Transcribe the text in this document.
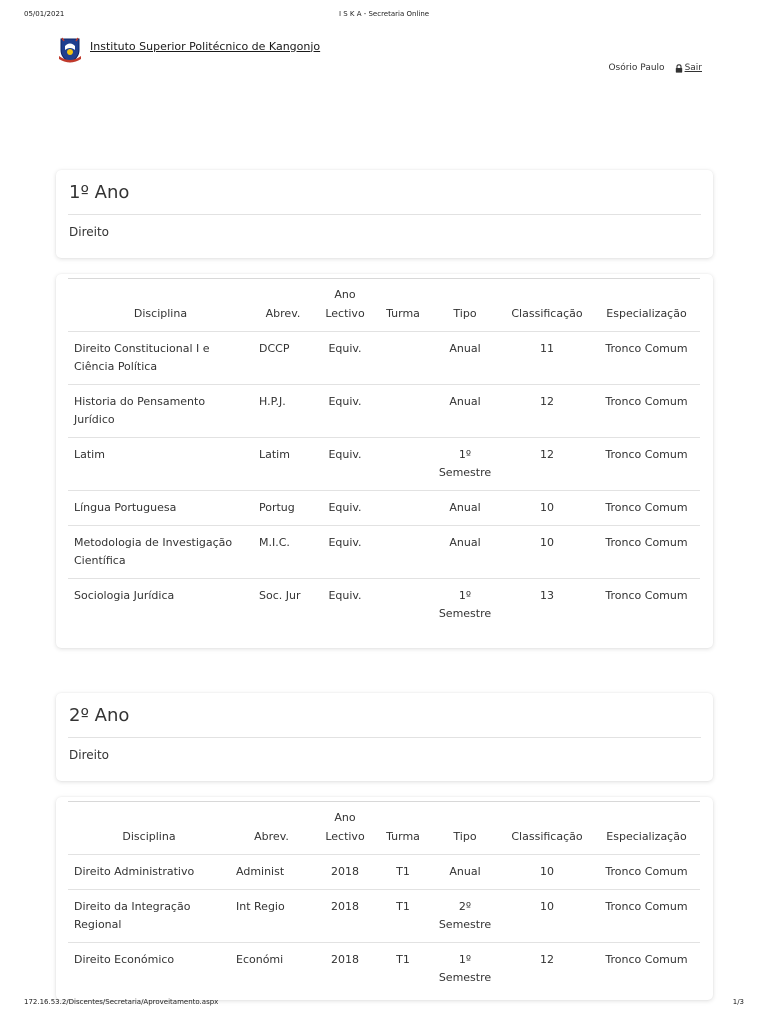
05/01/2021	I S K A - Secretaria Online
Instituto Superior Politécnico de Kangonjo
Osório Paulo Sair
1º Ano
Direito
Disciplina	Abrev.	Ano Lectivo	Turma	Tipo	Classificação	Especialização
Direito Constitucional I e Ciência Política	DCCP	Equiv.		Anual	11	Tronco Comum
Historia do Pensamento Jurídico	H.P.J.	Equiv.		Anual	12	Tronco Comum
Latim	Latim	Equiv.		1º Semestre	12	Tronco Comum
Língua Portuguesa	Portug	Equiv.		Anual	10	Tronco Comum
Metodologia de Investigação Científica	M.I.C.	Equiv.		Anual	10	Tronco Comum
Sociologia Jurídica	Soc. Jur	Equiv.		1º Semestre	13	Tronco Comum
2º Ano
Direito
Disciplina	Abrev.	Ano Lectivo	Turma	Tipo	Classificação	Especialização
Direito Administrativo	Administ	2018	T1	Anual	10	Tronco Comum
Direito da Integração Regional	Int Regio	2018	T1	2º Semestre	10	Tronco Comum
Direito Económico	Económi	2018	T1	1º Semestre	12	Tronco Comum
172.16.53.2/Discentes/Secretaria/Aproveitamento.aspx	1/3
